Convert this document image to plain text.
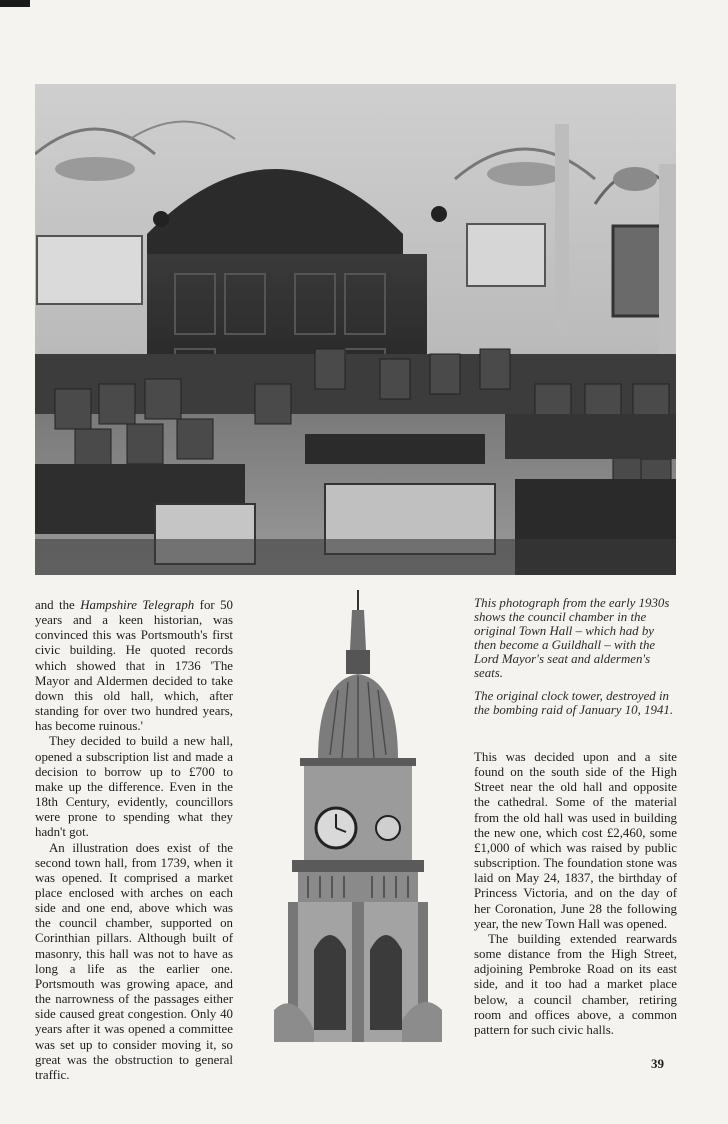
This photograph from the early 1930s shows the council chamber in the original Town Hall – which had by then become a Guildhall – with the Lord Mayor's seat and aldermen's seats.
The original clock tower, destroyed in the bombing raid of January 10, 1941.

and the Hampshire Telegraph for 50 years and a keen historian, was convinced this was Portsmouth's first civic building. He quoted records which showed that in 1736 'The Mayor and Aldermen decided to take down this old hall, which, after standing for over two hundred years, has become ruinous.'

They decided to build a new hall, opened a subscription list and made a decision to borrow up to £700 to make up the difference. Even in the 18th Century, evidently, councillors were prone to spending what they hadn't got.

An illustration does exist of the second town hall, from 1739, when it was opened. It comprised a market place enclosed with arches on each side and one end, above which was the council chamber, supported on Corinthian pillars. Although built of masonry, this hall was not to have as long a life as the earlier one. Portsmouth was growing apace, and the narrowness of the passages either side caused great congestion. Only 40 years after it was opened a committee was set up to consider moving it, so great was the obstruction to general traffic.

This was decided upon and a site found on the south side of the High Street near the old hall and opposite the cathedral. Some of the material from the old hall was used in building the new one, which cost £2,460, some £1,000 of which was raised by public subscription. The foundation stone was laid on May 24, 1837, the birthday of Princess Victoria, and on the day of her Coronation, June 28 the following year, the new Town Hall was opened.

The building extended rearwards some distance from the High Street, adjoining Pembroke Road on its east side, and it too had a market place below, a council chamber, retiring room and offices above, a common pattern for such civic halls.

39
